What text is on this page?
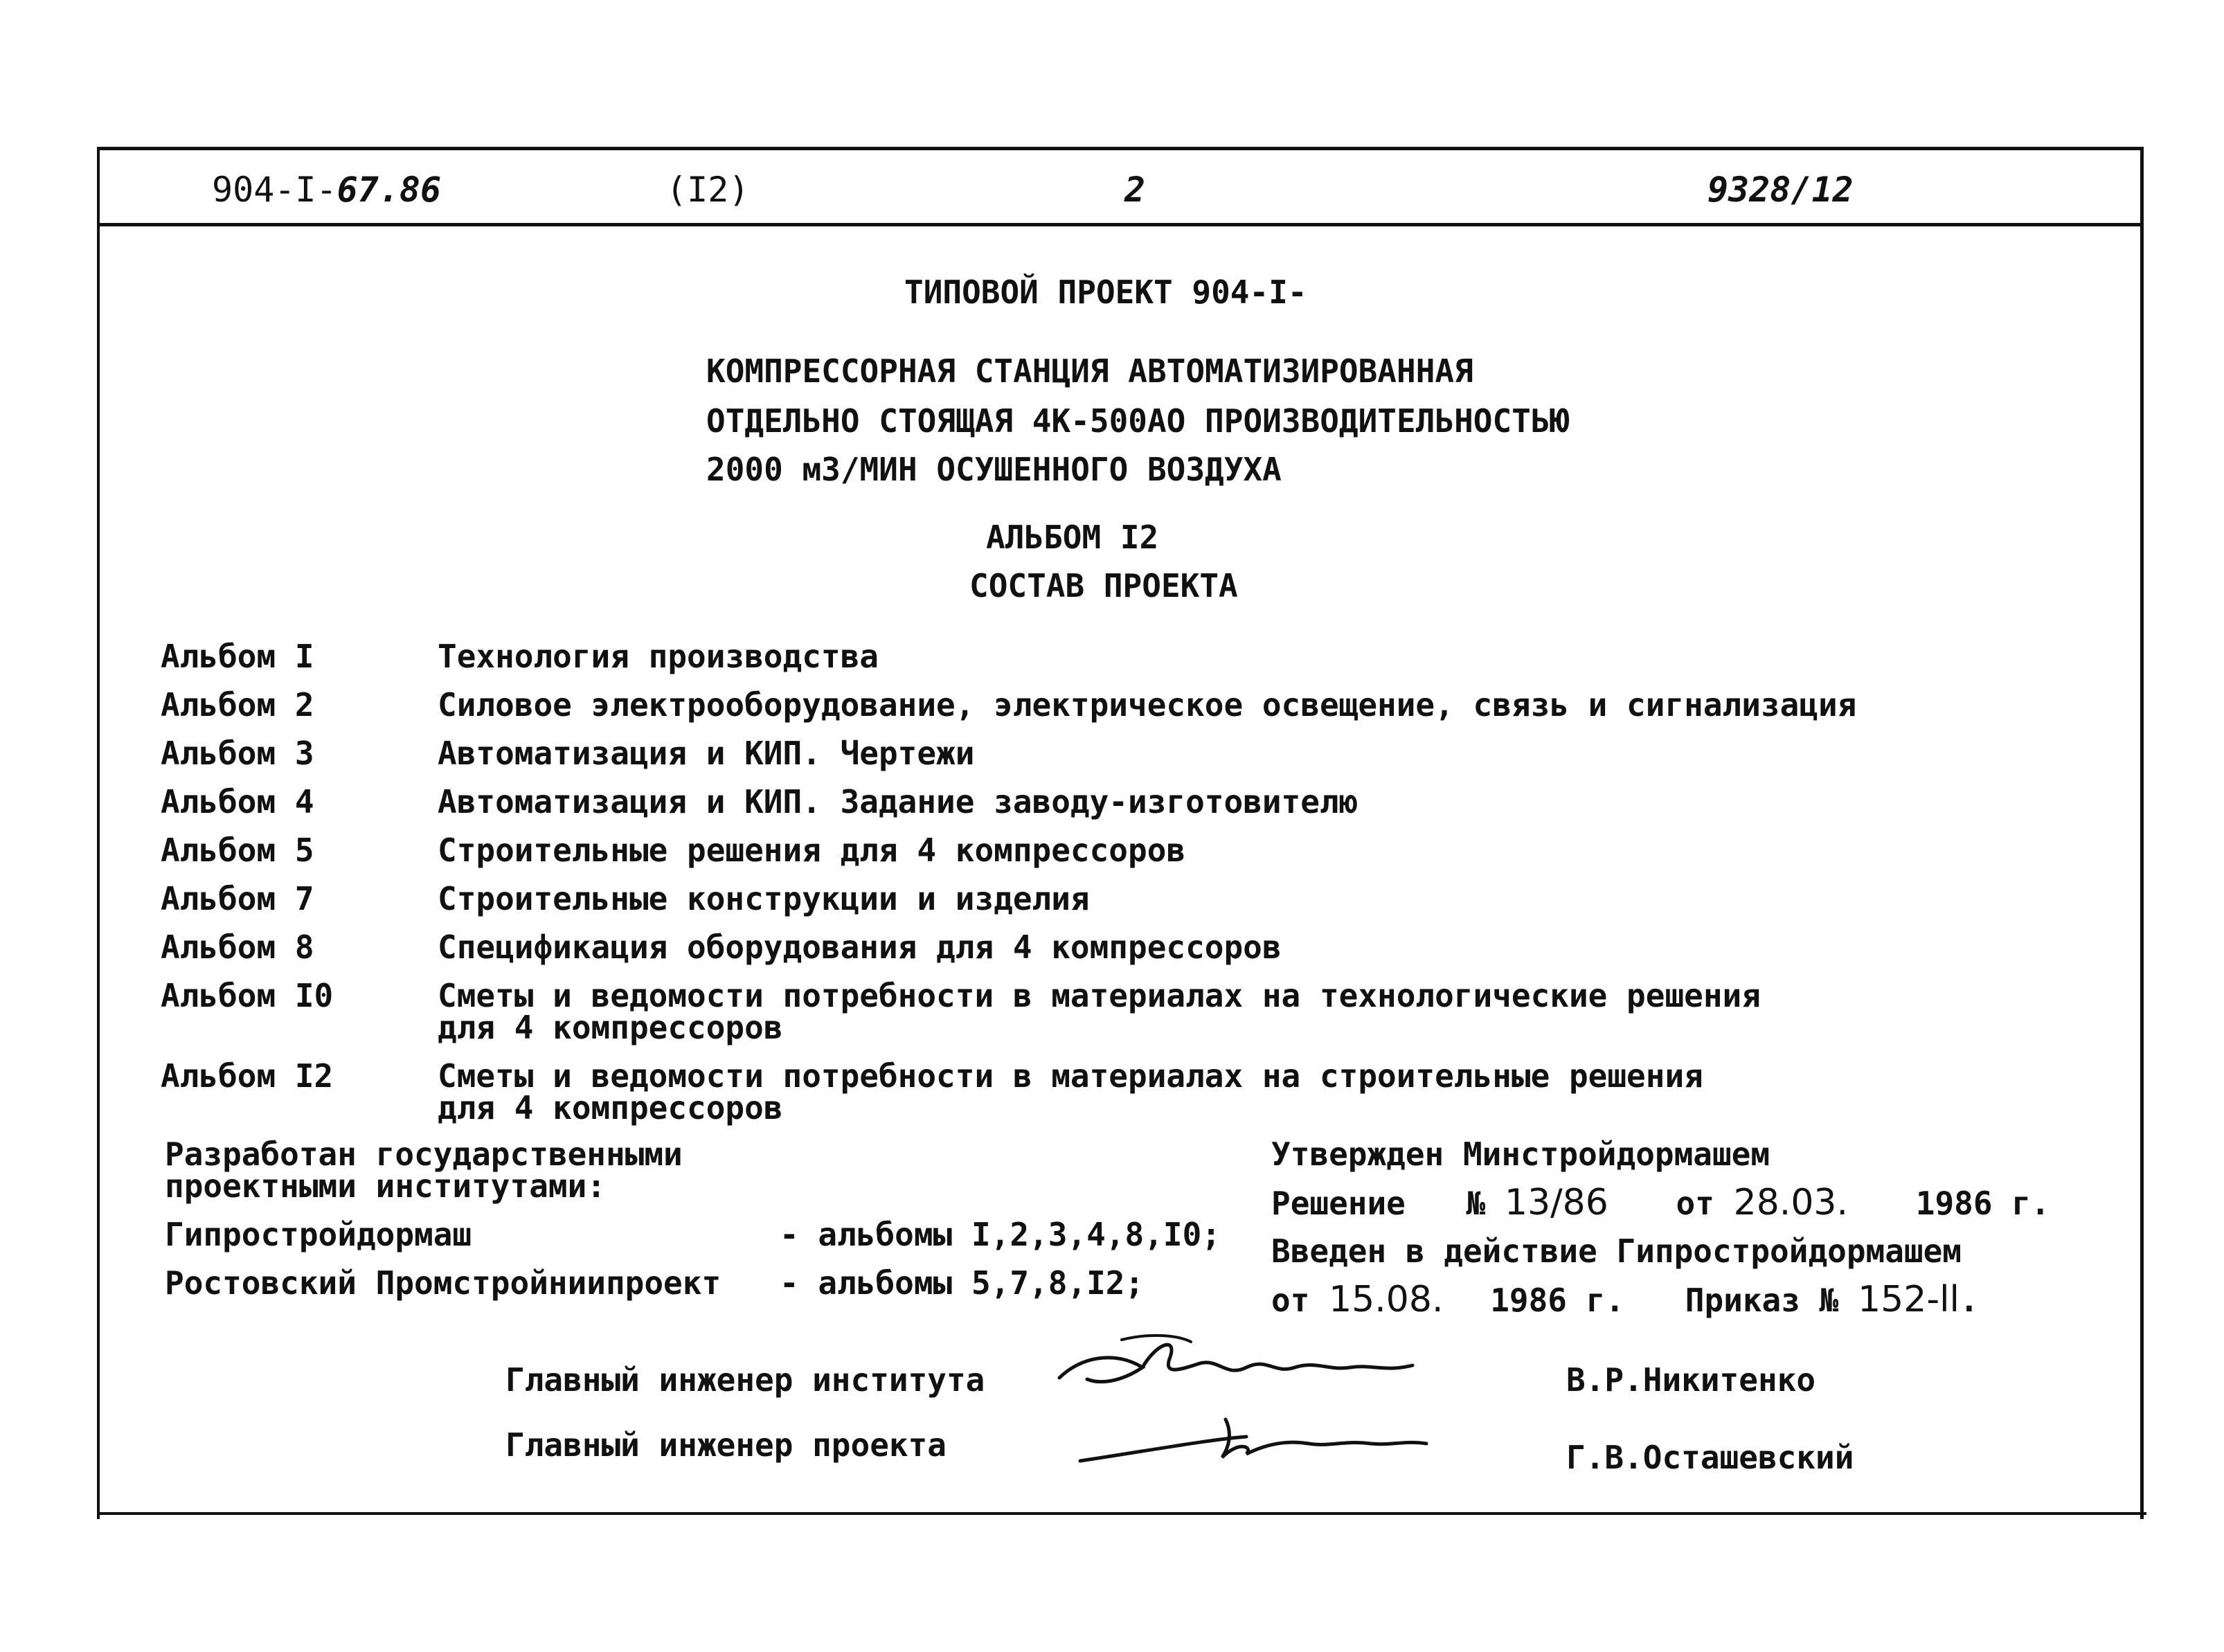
904-I-67.86	(I2)	2	9328/12
ТИПОВОЙ ПРОЕКТ 904-I-
КОМПРЕССОРНАЯ СТАНЦИЯ АВТОМАТИЗИРОВАННАЯ
ОТДЕЛЬНО СТОЯЩАЯ 4К-500АО ПРОИЗВОДИТЕЛЬНОСТЬЮ
2000 м3/МИН ОСУШЕННОГО ВОЗДУХА
АЛЬБОМ I2
СОСТАВ ПРОЕКТА
Альбом I	Технология производства
Альбом 2	Силовое электрооборудование, электрическое освещение, связь и сигнализация
Альбом 3	Автоматизация и КИП. Чертежи
Альбом 4	Автоматизация и КИП. Задание заводу-изготовителю
Альбом 5	Строительные решения для 4 компрессоров
Альбом 7	Строительные конструкции и изделия
Альбом 8	Спецификация оборудования для 4 компрессоров
Альбом I0	Сметы и ведомости потребности в материалах на технологические решения
для 4 компрессоров
Альбом I2	Сметы и ведомости потребности в материалах на строительные решения
для 4 компрессоров
Разработан государственными
проектными институтами:
Гипростройдормаш	- альбомы I,2,3,4,8,I0;
Ростовский Промстройниипроект - альбомы 5,7,8,I2;
Утвержден Минстройдормашем
Решение № 13/86 от 28.03. 1986 г.
Введен в действие Гипростройдормашем
от 15.08. 1986 г. Приказ № 152-ll.
Главный инженер института	В.Р.Никитенко
Главный инженер проекта	Г.В.Осташевский
